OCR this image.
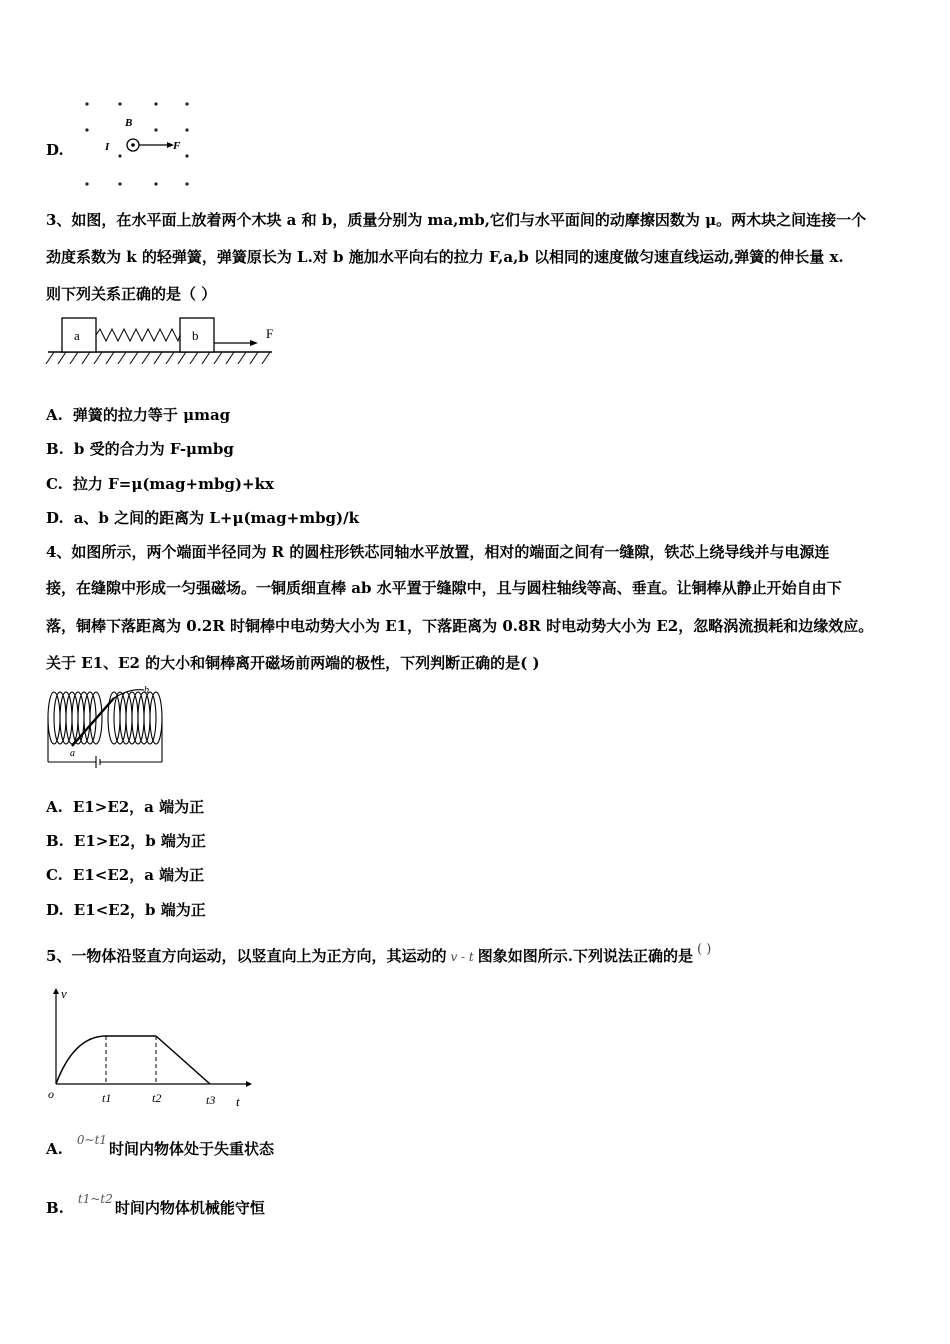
D.
B
I	F
3、如图，在水平面上放着两个木块 a 和 b，质量分别为 ma,mb,它们与水平面间的动摩擦因数为 μ。两木块之间连接一个
劲度系数为 k 的轻弹簧，弹簧原长为 L.对 b 施加水平向右的拉力 F,a,b 以相同的速度做匀速直线运动,弹簧的伸长量 x.
则下列关系正确的是（ ）
a	b	F
A. 弹簧的拉力等于 μmag
B. b 受的合力为 F-μmbg
C. 拉力 F=μ(mag+mbg)+kx
D. a、b 之间的距离为 L+μ(mag+mbg)/k
4、如图所示，两个端面半径同为 R 的圆柱形铁芯同轴水平放置，相对的端面之间有一缝隙，铁芯上绕导线并与电源连
接，在缝隙中形成一匀强磁场。一铜质细直棒 ab 水平置于缝隙中，且与圆柱轴线等高、垂直。让铜棒从静止开始自由下
落，铜棒下落距离为 0.2R 时铜棒中电动势大小为 E1，下落距离为 0.8R 时电动势大小为 E2，忽略涡流损耗和边缘效应。
关于 E1、E2 的大小和铜棒离开磁场前两端的极性，下列判断正确的是( )
b
a
A. E1>E2，a 端为正
B. E1>E2，b 端为正
C. E1<E2，a 端为正
D. E1<E2，b 端为正
5、一物体沿竖直方向运动，以竖直向上为正方向，其运动的 v - t 图象如图所示.下列说法正确的是 ( )
v
o	t1	t2	t3 t
A. $^{0\sim t1}$ 时间内物体处于失重状态
B. $^{t1\sim t2}$ 时间内物体机械能守恒
